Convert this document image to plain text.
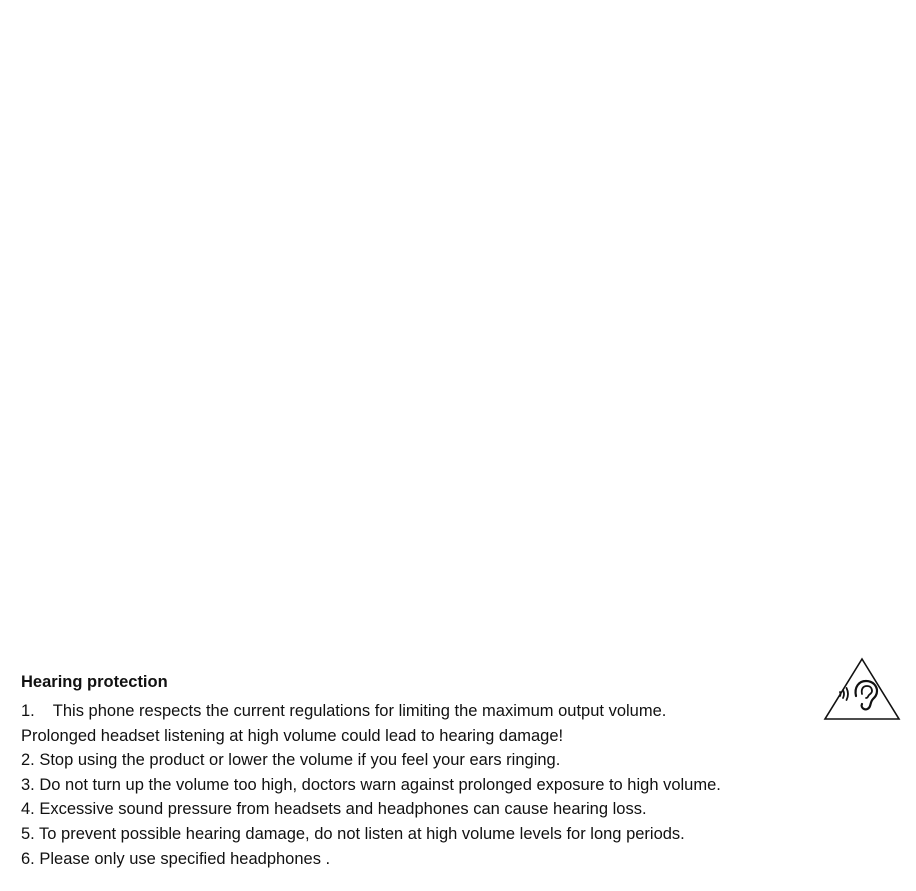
Hearing protection
1.    This phone respects the current regulations for limiting the maximum output volume.
Prolonged headset listening at high volume could lead to hearing damage!
2. Stop using the product or lower the volume if you feel your ears ringing.
3. Do not turn up the volume too high, doctors warn against prolonged exposure to high volume.
4. Excessive sound pressure from headsets and headphones can cause hearing loss.
5. To prevent possible hearing damage, do not listen at high volume levels for long periods.
6. Please only use specified headphones .
